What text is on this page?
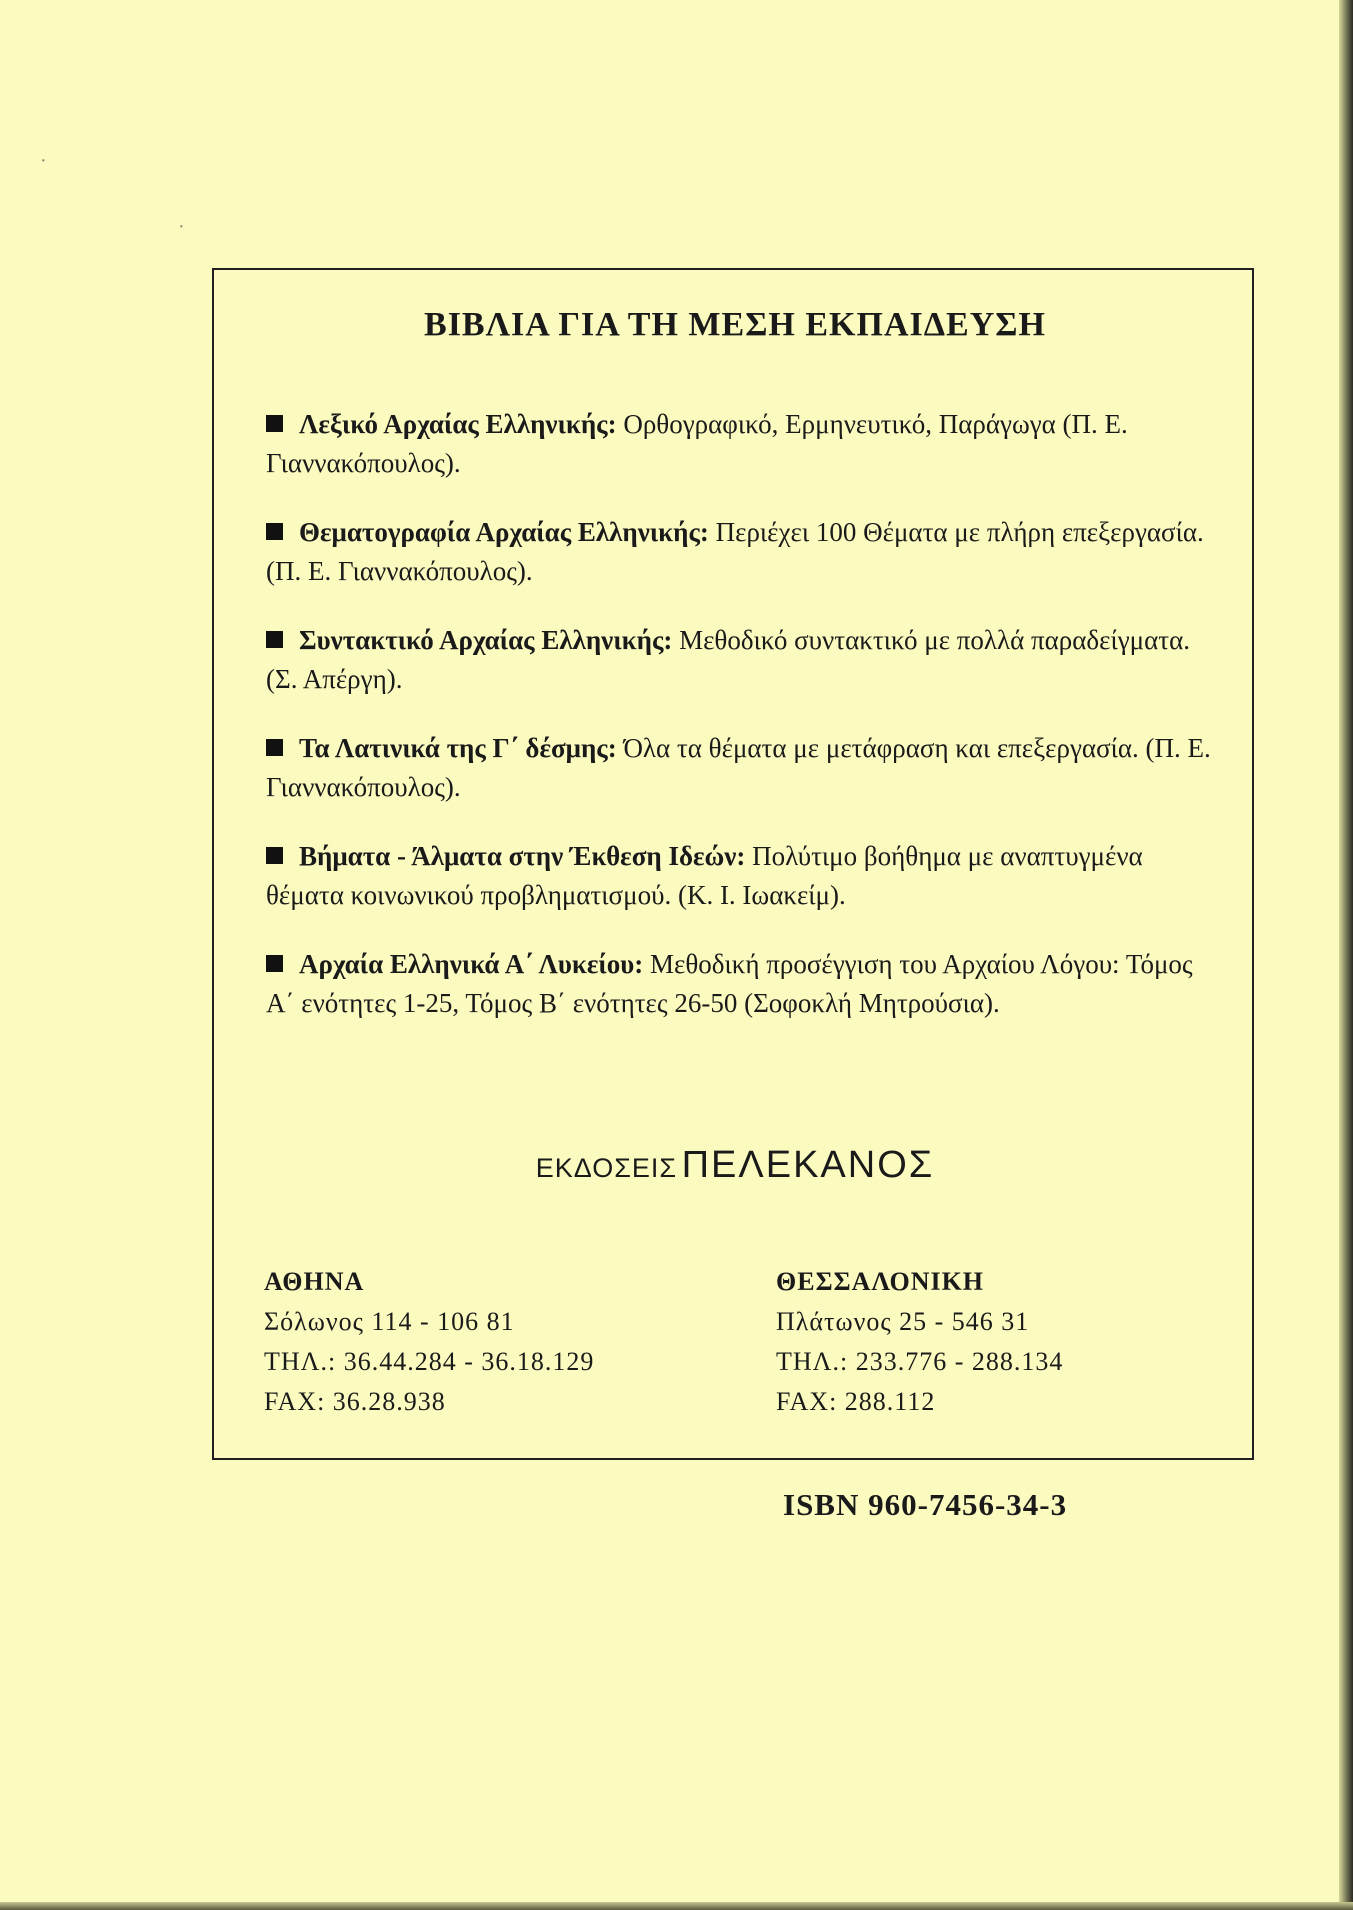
·
·
ΒΙΒΛΙΑ ΓΙΑ ΤΗ ΜΕΣΗ ΕΚΠΑΙΔΕΥΣΗ
Λεξικό Αρχαίας Ελληνικής: Ορθογραφικό, Ερμηνευτικό, Παράγωγα (Π. Ε. Γιαννακόπουλος).
Θεματογραφία Αρχαίας Ελληνικής: Περιέχει 100 Θέματα με πλήρη επεξεργασία. (Π. Ε. Γιαννακόπουλος).
Συντακτικό Αρχαίας Ελληνικής: Μεθοδικό συντακτικό με πολλά παραδείγματα. (Σ. Απέργη).
Τα Λατινικά της Γ΄ δέσμης: Όλα τα θέματα με μετάφραση και επεξεργασία. (Π. Ε. Γιαννακόπουλος).
Βήματα - Άλματα στην Έκθεση Ιδεών: Πολύτιμο βοήθημα με αναπτυγμένα θέματα κοινωνικού προβληματισμού. (Κ. Ι. Ιωακείμ).
Αρχαία Ελληνικά Α΄ Λυκείου: Μεθοδική προσέγγιση του Αρχαίου Λόγου: Τόμος Α΄ ενότητες 1-25, Τόμος Β΄ ενότητες 26-50 (Σοφοκλή Μητρούσια).
ΕΚΔΟΣΕΙΣ ΠΕΛΕΚΑΝΟΣ
ΑΘΗΝΑ
Σόλωνος 114 - 106 81
ΤΗΛ.: 36.44.284 - 36.18.129
FAX: 36.28.938
ΘΕΣΣΑΛΟΝΙΚΗ
Πλάτωνος 25 - 546 31
ΤΗΛ.: 233.776 - 288.134
FAX: 288.112
ISBN 960-7456-34-3
